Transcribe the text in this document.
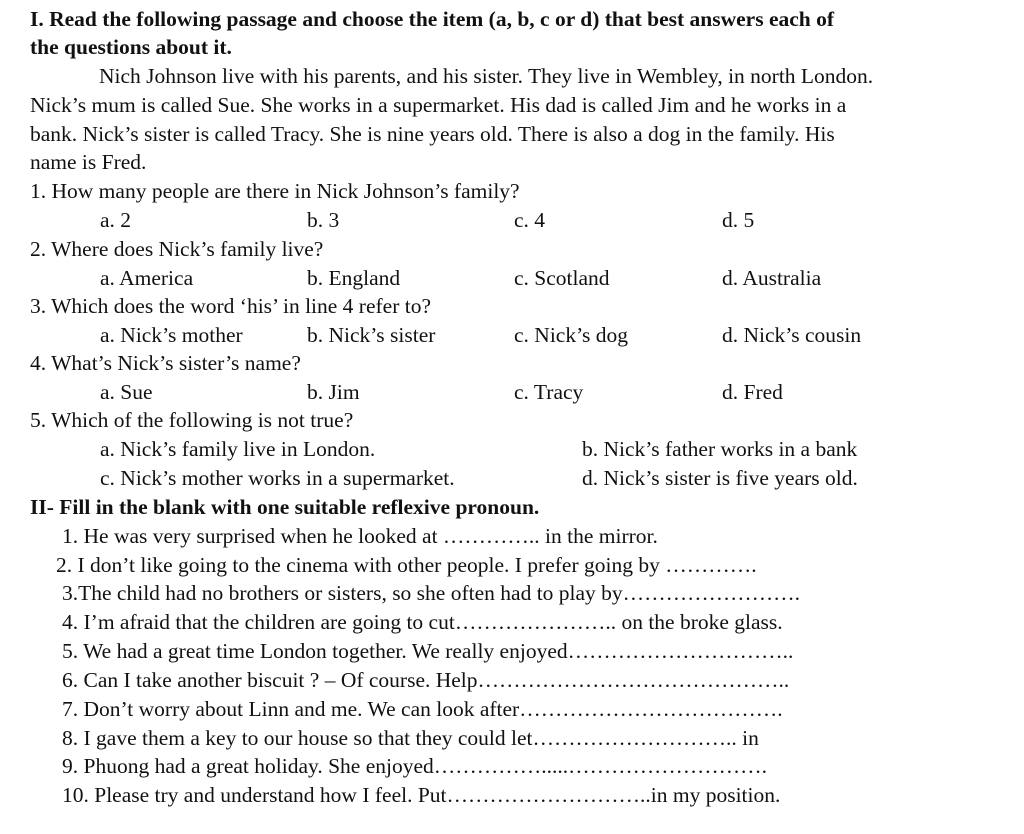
I. Read the following passage and choose the item (a, b, c or d) that best answers each of
the questions about it.
Nich Johnson live with his parents, and his sister. They live in Wembley, in north London.
Nick’s mum is called Sue. She works in a supermarket. His dad is called Jim and he works in a
bank. Nick’s sister is called Tracy. She is nine years old. There is also a dog in the family. His
name is Fred.
1. How many people are there in Nick Johnson’s family?
a. 2	b. 3	c. 4	d. 5
2. Where does Nick’s family live?
a. America	b. England	c. Scotland	d. Australia
3. Which does the word ‘his’ in line 4 refer to?
a. Nick’s mother	b. Nick’s sister	c. Nick’s dog	d. Nick’s cousin
4. What’s Nick’s sister’s name?
a. Sue	b. Jim	c. Tracy	d. Fred
5. Which of the following is not true?
a. Nick’s family live in London.	b. Nick’s father works in a bank
c. Nick’s mother works in a supermarket.	d. Nick’s sister is five years old.
II- Fill in the blank with one suitable reflexive pronoun.
1. He was very surprised when he looked at ………….. in the mirror.
2. I don’t like going to the cinema with other people. I prefer going by ………….
3.The child had no brothers or sisters, so she often had to play by…………………….
4. I’m afraid that the children are going to cut………………….. on the broke glass.
5. We had a great time London together. We really enjoyed…………………………..
6. Can I take another biscuit ? – Of course. Help……………………………………..
7. Don’t worry about Linn and me. We can look after……………………………….
8. I gave them a key to our house so that they could let……………………….. in
9. Phuong had a great holiday. She enjoyed…………….....……………………….
10. Please try and understand how I feel. Put………………………..in my position.
